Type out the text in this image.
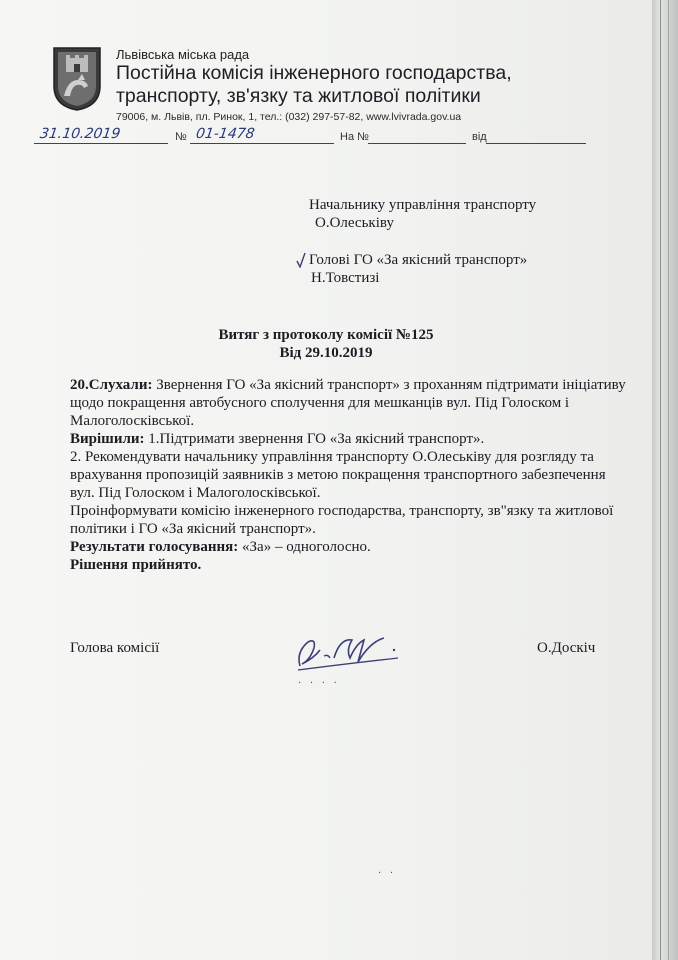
Львівська міська рада
Постійна комісія інженерного господарства,
транспорту, зв'язку та житлової політики
79006, м. Львів, пл. Ринок, 1, тел.: (032) 297-57-82, www.lvivrada.gov.ua
31.10.2019	№ 01-1478	На №	від
Начальнику управління транспорту
О.Олеськіву
Голові ГО «За якісний транспорт»
Н.Товстизі
Витяг з протоколу комісії №125
Від 29.10.2019

20.Слухали: Звернення ГО «За якісний транспорт» з проханням підтримати ініціативу щодо покращення автобусного сполучення для мешканців вул. Під Голоском і Малоголосківської.

Вирішили: 1.Підтримати звернення ГО «За якісний транспорт».

2. Рекомендувати начальнику управління транспорту О.Олеськіву для розгляду та врахування пропозицій заявників з метою покращення транспортного забезпечення вул. Під Голоском і Малоголосківської.

Проінформувати комісію інженерного господарства, транспорту, зв"язку та житлової політики і ГО «За якісний транспорт».

Результати голосування: «За» – одноголосно.

Рішення прийнято.

Голова комісії	О.Доскіч
· · · ·
· ·
